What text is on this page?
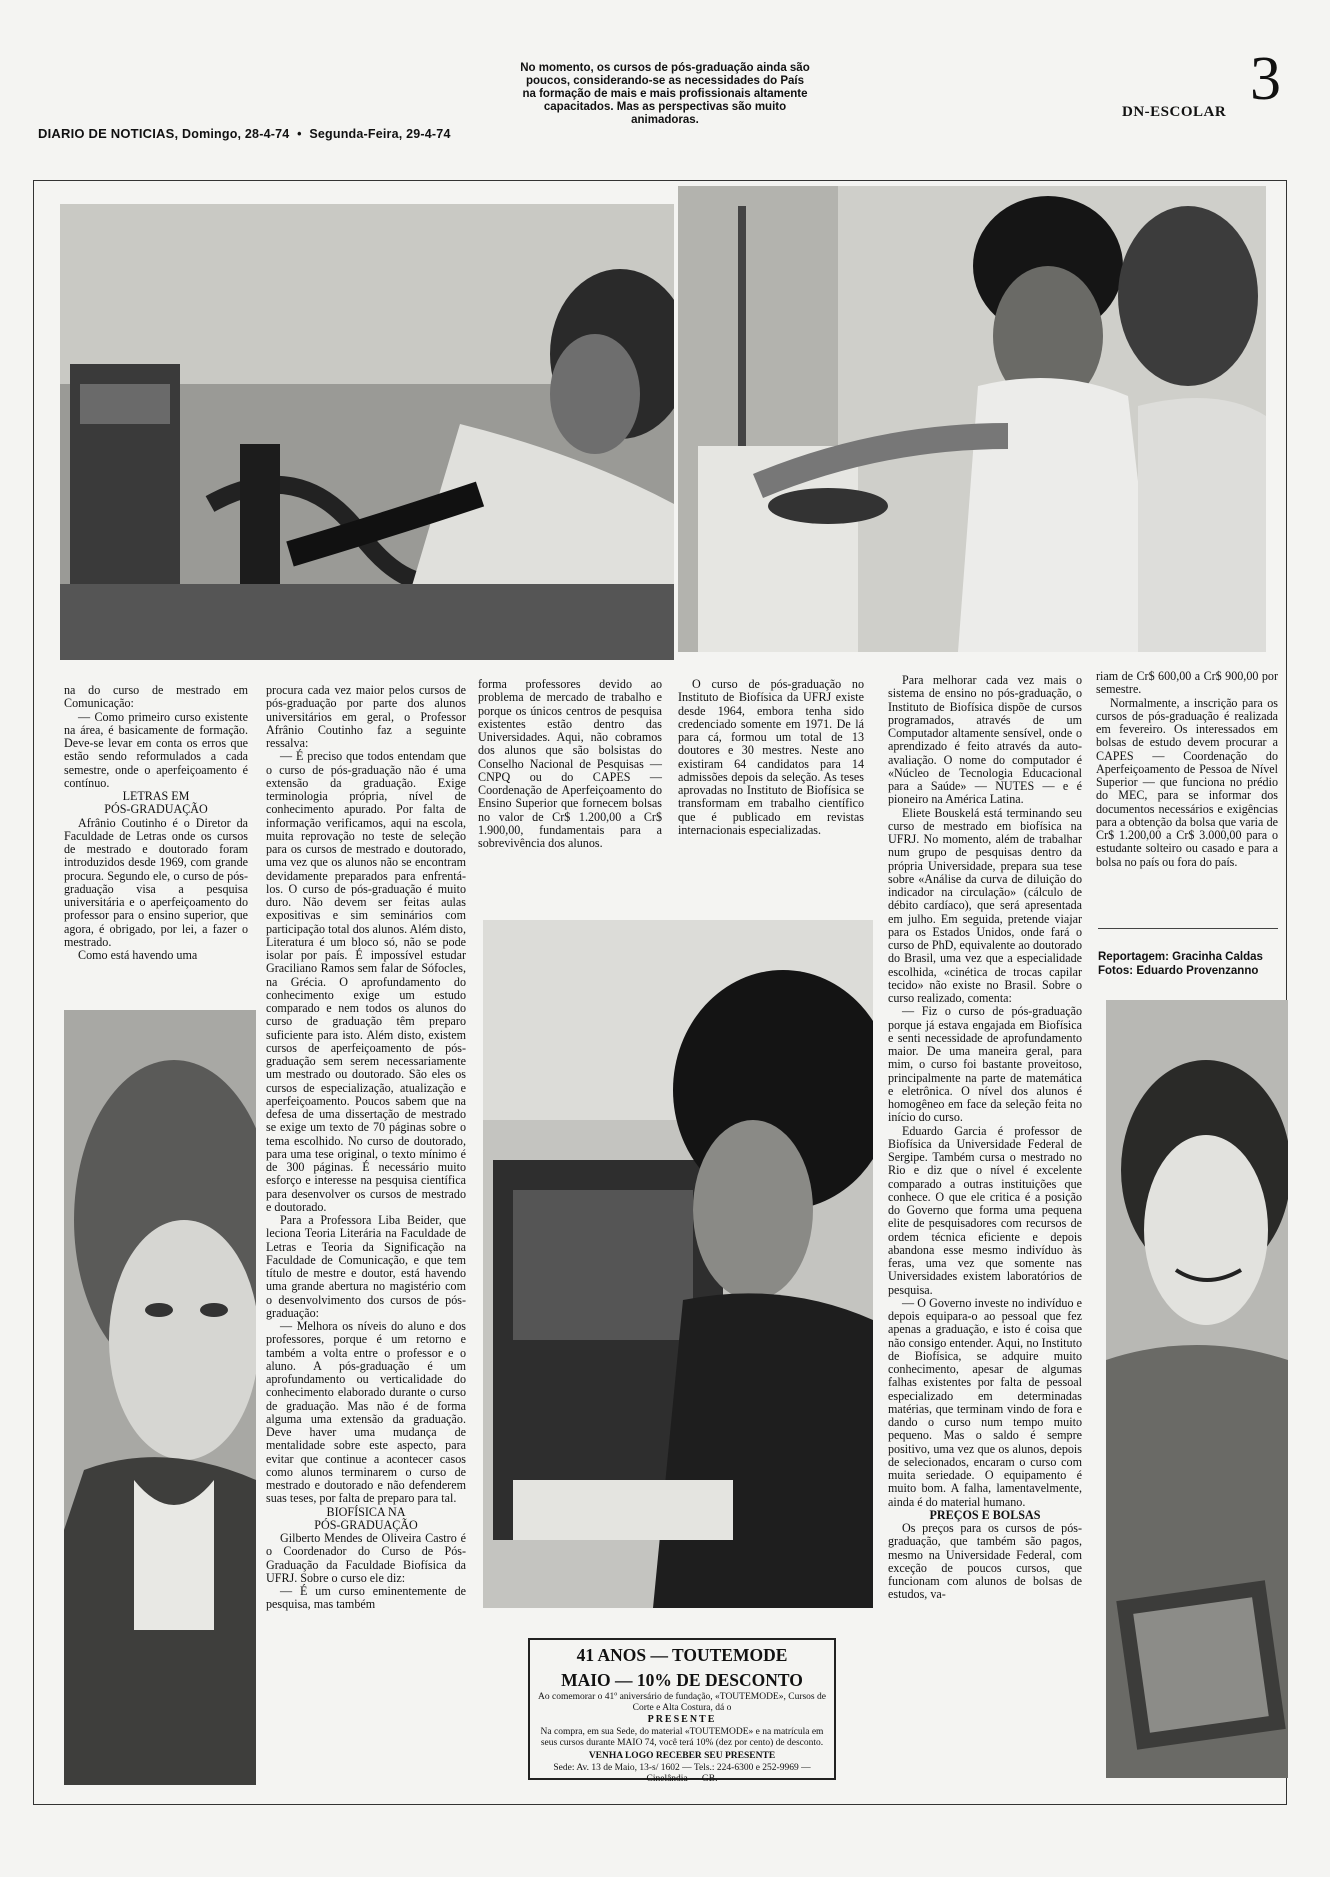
DIARIO DE NOTICIAS, Domingo, 28-4-74 • Segunda-Feira, 29-4-74
No momento, os cursos de pós-graduação ainda são poucos, considerando-se as necessidades do País na formação de mais e mais profissionais altamente capacitados. Mas as perspectivas são muito animadoras.	DN-ESCOLAR 3

na do curso de mestrado em Comunicação:

— Como primeiro curso existente na área, é basicamente de formação. Deve-se levar em conta os erros que estão sendo reformulados a cada semestre, onde o aperfeiçoamento é contínuo.

LETRAS EM

PÓS-GRADUAÇÃO

Afrânio Coutinho é o Diretor da Faculdade de Letras onde os cursos de mestrado e doutorado foram introduzidos desde 1969, com grande procura. Segundo ele, o curso de pós-graduação visa a pesquisa universitária e o aperfeiçoamento do professor para o ensino superior, que agora, é obrigado, por lei, a fazer o mestrado.

Como está havendo uma

procura cada vez maior pelos cursos de pós-graduação por parte dos alunos universitários em geral, o Professor Afrânio Coutinho faz a seguinte ressalva:

— É preciso que todos entendam que o curso de pós-graduação não é uma extensão da graduação. Exige terminologia própria, nível de conhecimento apurado. Por falta de informação verificamos, aqui na escola, muita reprovação no teste de seleção para os cursos de mestrado e doutorado, uma vez que os alunos não se encontram devidamente preparados para enfrentá-los. O curso de pós-graduação é muito duro. Não devem ser feitas aulas expositivas e sim seminários com participação total dos alunos. Além disto, Literatura é um bloco só, não se pode isolar por país. É impossível estudar Graciliano Ramos sem falar de Sófocles, na Grécia. O aprofundamento do conhecimento exige um estudo comparado e nem todos os alunos do curso de graduação têm preparo suficiente para isto. Além disto, existem cursos de aperfeiçoamento de pós-graduação sem serem necessariamente um mestrado ou doutorado. São eles os cursos de especialização, atualização e aperfeiçoamento. Poucos sabem que na defesa de uma dissertação de mestrado se exige um texto de 70 páginas sobre o tema escolhido. No curso de doutorado, para uma tese original, o texto mínimo é de 300 páginas. É necessário muito esforço e interesse na pesquisa científica para desenvolver os cursos de mestrado e doutorado.

Para a Professora Liba Beider, que leciona Teoria Literária na Faculdade de Letras e Teoria da Significação na Faculdade de Comunicação, e que tem título de mestre e doutor, está havendo uma grande abertura no magistério com o desenvolvimento dos cursos de pós-graduação:

— Melhora os níveis do aluno e dos professores, porque é um retorno e também a volta entre o professor e o aluno. A pós-graduação é um aprofundamento ou verticalidade do conhecimento elaborado durante o curso de graduação. Mas não é de forma alguma uma extensão da graduação. Deve haver uma mudança de mentalidade sobre este aspecto, para evitar que continue a acontecer casos como alunos terminarem o curso de mestrado e doutorado e não defenderem suas teses, por falta de preparo para tal.

BIOFÍSICA NA

PÓS-GRADUAÇÃO

Gilberto Mendes de Oliveira Castro é o Coordenador do Curso de Pós-Graduação da Faculdade Biofísica da UFRJ. Sobre o curso ele diz:

— É um curso eminentemente de pesquisa, mas também

forma professores devido ao problema de mercado de trabalho e porque os únicos centros de pesquisa existentes estão dentro das Universidades. Aqui, não cobramos dos alunos que são bolsistas do Conselho Nacional de Pesquisas — CNPQ ou do CAPES — Coordenação de Aperfeiçoamento do Ensino Superior que fornecem bolsas no valor de Cr$ 1.200,00 a Cr$ 1.900,00, fundamentais para a sobrevivência dos alunos.

O curso de pós-graduação no Instituto de Biofísica da UFRJ existe desde 1964, embora tenha sido credenciado somente em 1971. De lá para cá, formou um total de 13 doutores e 30 mestres. Neste ano existiram 64 candidatos para 14 admissões depois da seleção. As teses aprovadas no Instituto de Biofísica se transformam em trabalho científico que é publicado em revistas internacionais especializadas.

Para melhorar cada vez mais o sistema de ensino no pós-graduação, o Instituto de Biofísica dispõe de cursos programados, através de um Computador altamente sensível, onde o aprendizado é feito através da auto-avaliação. O nome do computador é «Núcleo de Tecnologia Educacional para a Saúde» — NUTES — e é pioneiro na América Latina.

Eliete Bouskelá está terminando seu curso de mestrado em biofísica na UFRJ. No momento, além de trabalhar num grupo de pesquisas dentro da própria Universidade, prepara sua tese sobre «Análise da curva de diluição do indicador na circulação» (cálculo de débito cardíaco), que será apresentada em julho. Em seguida, pretende viajar para os Estados Unidos, onde fará o curso de PhD, equivalente ao doutorado do Brasil, uma vez que a especialidade escolhida, «cinética de trocas capilar tecido» não existe no Brasil. Sobre o curso realizado, comenta:

— Fiz o curso de pós-graduação porque já estava engajada em Biofísica e senti necessidade de aprofundamento maior. De uma maneira geral, para mim, o curso foi bastante proveitoso, principalmente na parte de matemática e eletrônica. O nível dos alunos é homogêneo em face da seleção feita no início do curso.

Eduardo Garcia é professor de Biofísica da Universidade Federal de Sergipe. Também cursa o mestrado no Rio e diz que o nível é excelente comparado a outras instituições que conhece. O que ele critica é a posição do Governo que forma uma pequena elite de pesquisadores com recursos de ordem técnica eficiente e depois abandona esse mesmo indivíduo às feras, uma vez que somente nas Universidades existem laboratórios de pesquisa.

— O Governo investe no indivíduo e depois equipara-o ao pessoal que fez apenas a graduação, e isto é coisa que não consigo entender. Aqui, no Instituto de Biofísica, se adquire muito conhecimento, apesar de algumas falhas existentes por falta de pessoal especializado em determinadas matérias, que terminam vindo de fora e dando o curso num tempo muito pequeno. Mas o saldo é sempre positivo, uma vez que os alunos, depois de selecionados, encaram o curso com muita seriedade. O equipamento é muito bom. A falha, lamentavelmente, ainda é do material humano.

PREÇOS E BOLSAS

Os preços para os cursos de pós-graduação, que também são pagos, mesmo na Universidade Federal, com exceção de poucos cursos, que funcionam com alunos de bolsas de estudos, va-

riam de Cr$ 600,00 a Cr$ 900,00 por semestre.

Normalmente, a inscrição para os cursos de pós-graduação é realizada em fevereiro. Os interessados em bolsas de estudo devem procurar a CAPES — Coordenação do Aperfeiçoamento de Pessoa de Nível Superior — que funciona no prédio do MEC, para se informar dos documentos necessários e exigências para a obtenção da bolsa que varia de Cr$ 1.200,00 a Cr$ 3.000,00 para o estudante solteiro ou casado e para a bolsa no país ou fora do país.

Reportagem: Gracinha Caldas
Fotos: Eduardo Provenzanno
41 ANOS — TOUTEMODE
MAIO — 10% DE DESCONTO
Ao comemorar o 41º aniversário de fundação, «TOUTEMODE», Cursos de Corte e Alta Costura, dá o
PRESENTE
Na compra, em sua Sede, do material «TOUTEMODE» e na matrícula em seus cursos durante MAIO 74, você terá 10% (dez por cento) de desconto.
VENHA LOGO RECEBER SEU PRESENTE
Sede: Av. 13 de Maio, 13-s/ 1602 — Tels.: 224-6300 e 252-9969 — Cinelândia — GB.
